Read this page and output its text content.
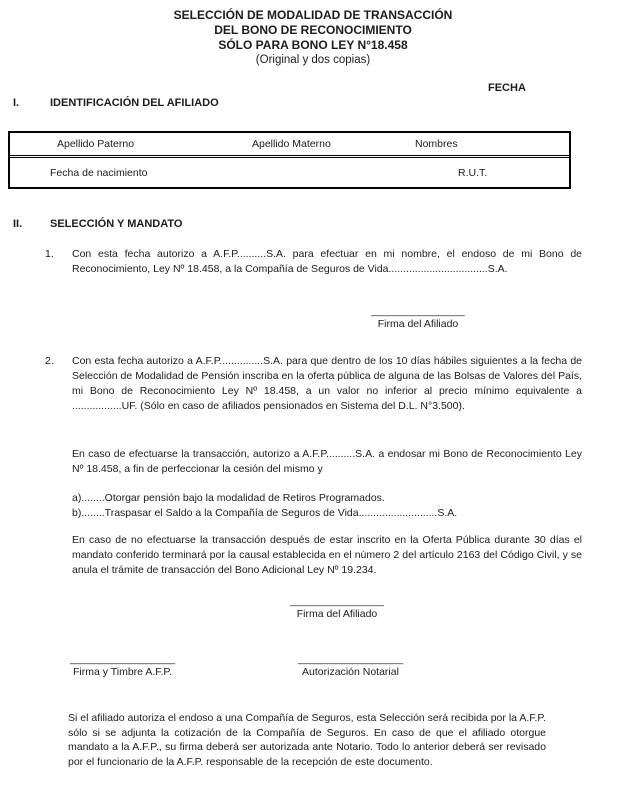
SELECCIÓN DE MODALIDAD DE TRANSACCIÓN
DEL BONO DE RECONOCIMIENTO
SÓLO PARA BONO LEY N°18.458
(Original y dos copias)
FECHA
I.	IDENTIFICACIÓN DEL AFILIADO
Apellido Paterno	Apellido Materno	Nombres
Fecha de nacimiento	R.U.T.
II.	SELECCIÓN Y MANDATO
1. Con esta fecha autorizo a A.F.P..........S.A. para efectuar en mi nombre, el endoso de mi Bono de Reconocimiento, Ley Nº 18.458, a la Compañía de Seguros de Vida..................................S.A.
________________
Firma del Afiliado
2. Con esta fecha autorizo a A.F.P...............S.A. para que dentro de los 10 días hábiles siguientes a la fecha de Selección de Modalidad de Pensión inscriba en la oferta pública de alguna de las Bolsas de Valores del País, mi Bono de Reconocimiento Ley Nº 18.458, a un valor no inferior al precio mínimo equivalente a .................UF. (Sólo en caso de afiliados pensionados en Sistema del D.L. N°3.500).
En caso de efectuarse la transacción, autorizo a A.F.P..........S.A. a endosar mi Bono de Reconocimiento Ley Nº 18.458, a fin de perfeccionar la cesión del mismo y
a)........Otorgar pensión bajo la modalidad de Retiros Programados.
b)........Traspasar el Saldo a la Compañía de Seguros de Vida...........................S.A.
En caso de no efectuarse la transacción después de estar inscrito en la Oferta Pública durante 30 días el mandato conferido terminará por la causal establecida en el número 2 del artículo 2163 del Código Civil, y se anula el trámite de transacción del Bono Adicional Ley Nº 19.234.
________________
Firma del Afiliado
__________________
Firma y Timbre A.F.P.
__________________
Autorización Notarial
Si el afiliado autoriza el endoso a una Compañía de Seguros, esta Selección será recibida por la A.F.P. sólo si se adjunta la cotización de la Compañía de Seguros. En caso de que el afiliado otorgue mandato a la A.F.P., su firma deberá ser autorizada ante Notario. Todo lo anterior deberá ser revisado por el funcionario de la A.F.P. responsable de la recepción de este documento.
